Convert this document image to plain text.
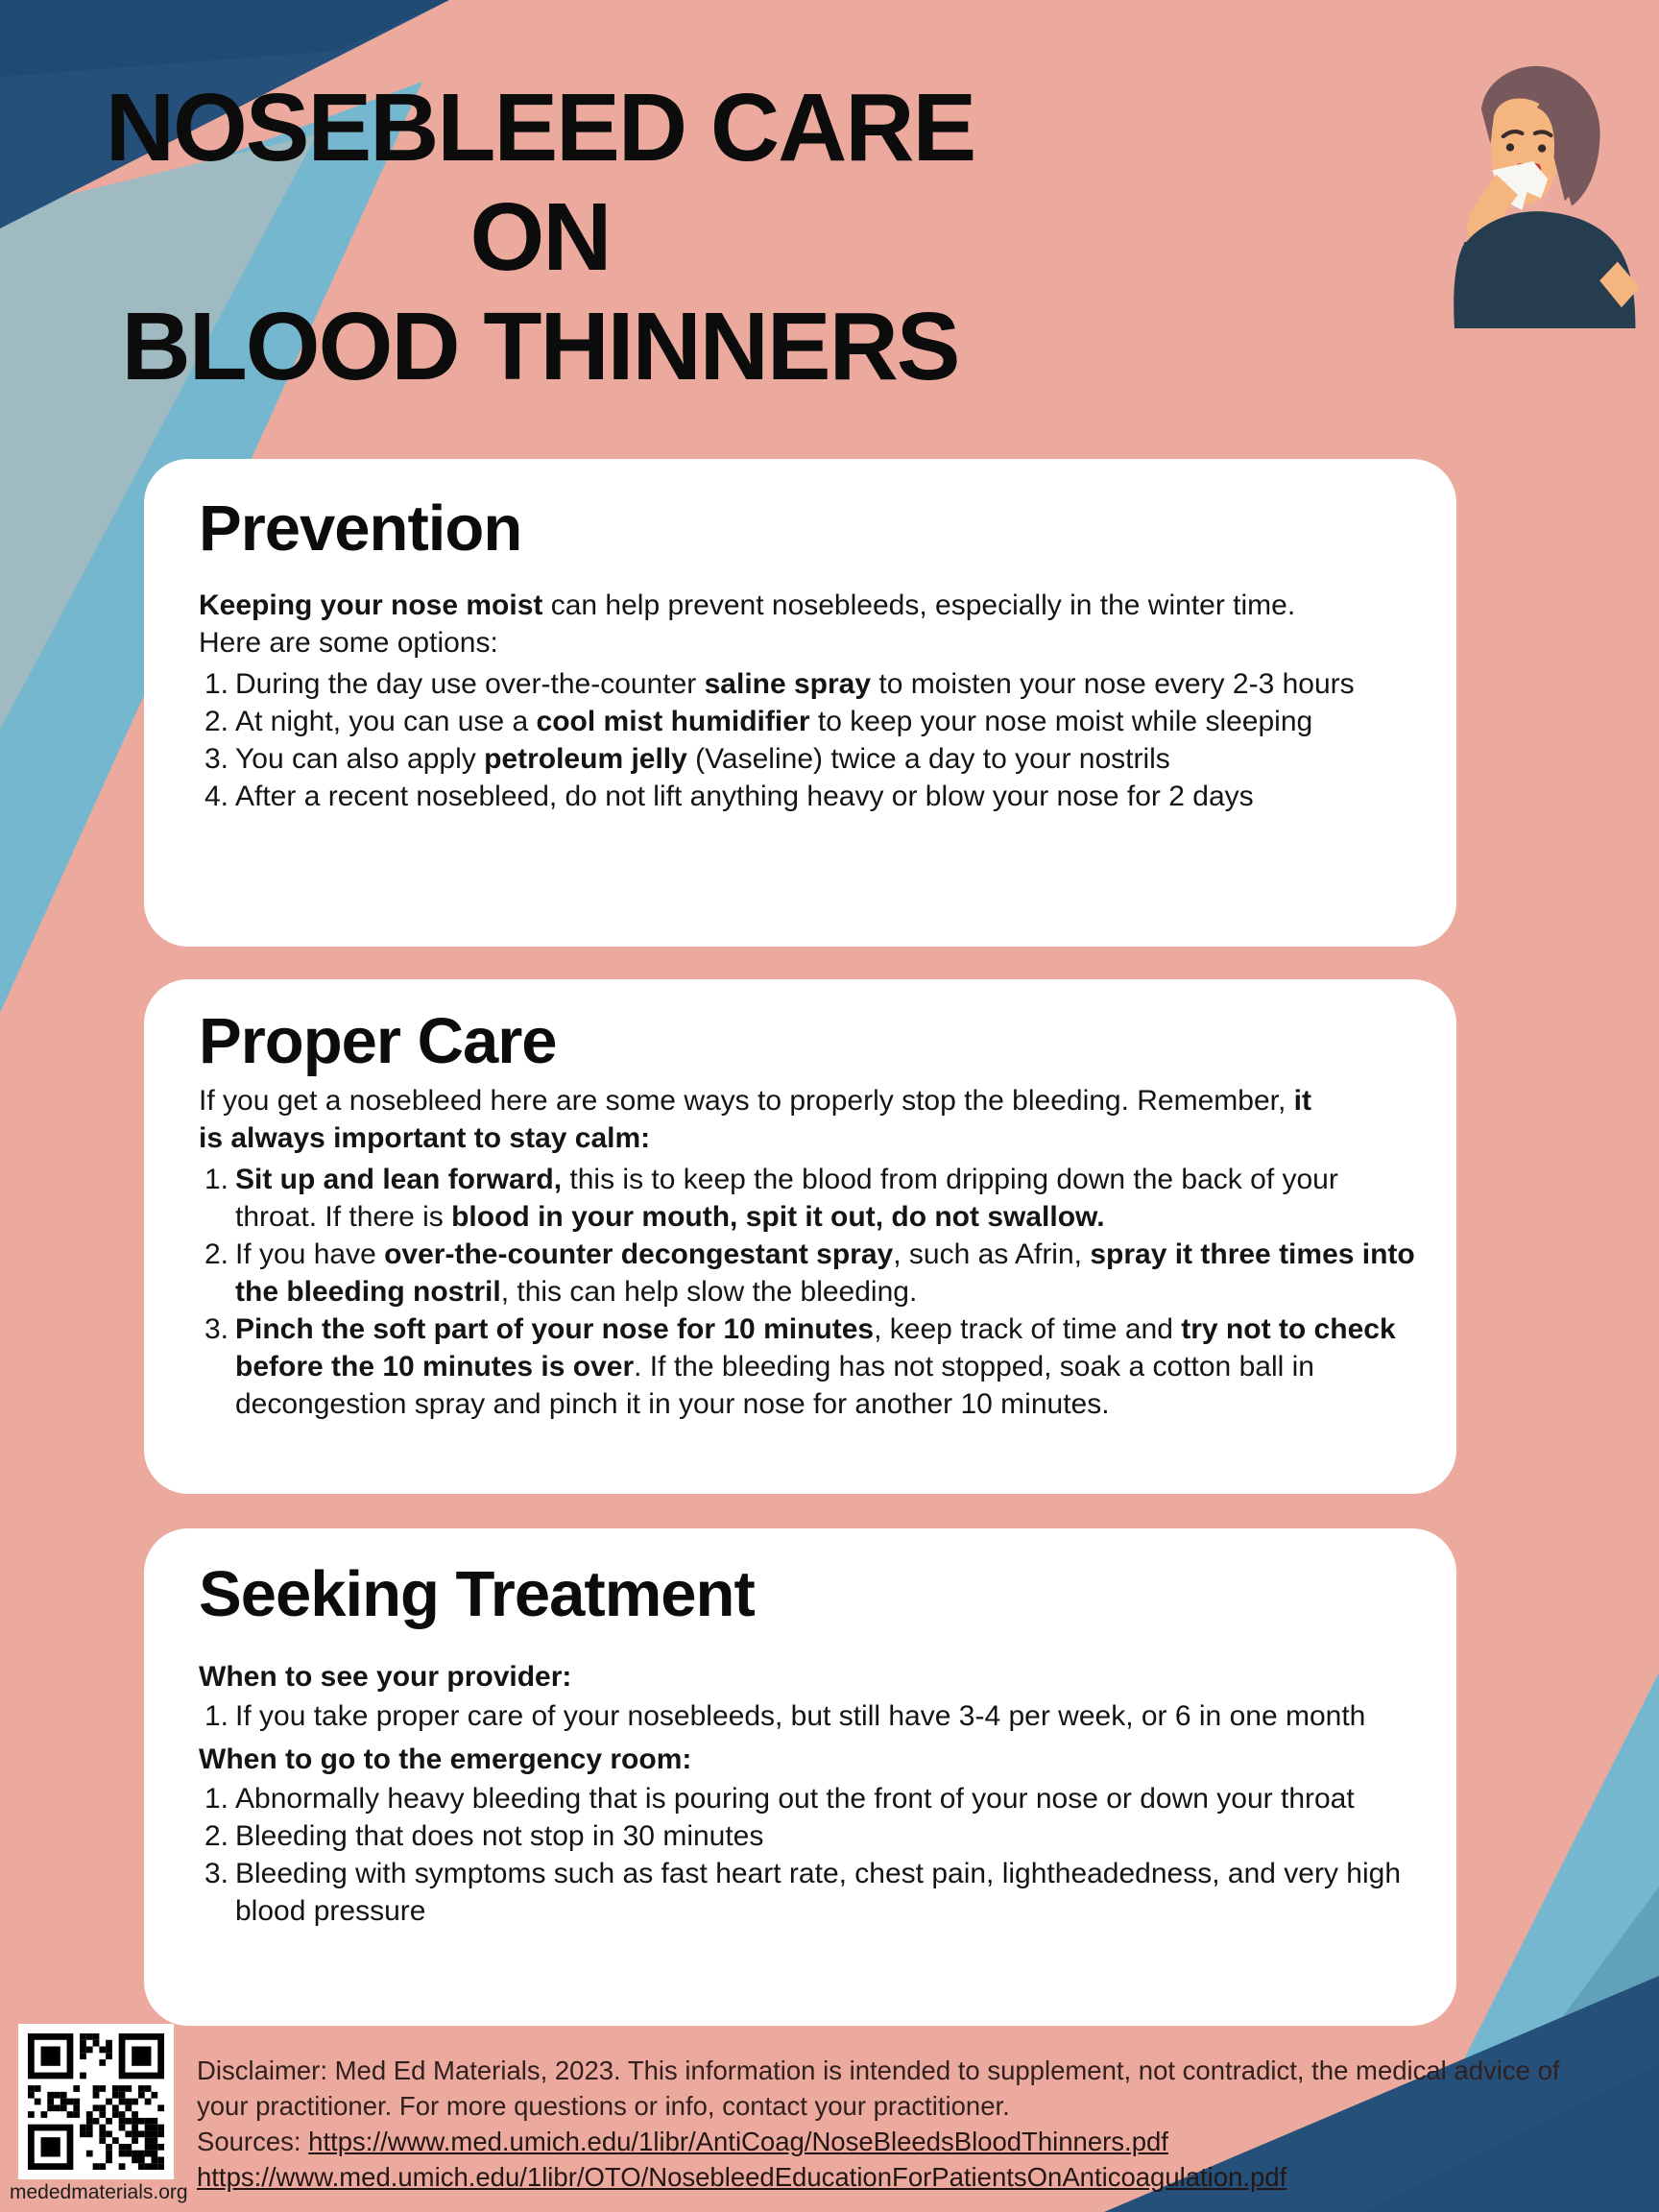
NOSEBLEED CARE ON
BLOOD THINNERS
Prevention

Keeping your nose moist can help prevent nosebleeds, especially in the winter time. Here are some options:

1. During the day use over-the-counter saline spray to moisten your nose every 2-3 hours
2. At night, you can use a cool mist humidifier to keep your nose moist while sleeping
3. You can also apply petroleum jelly (Vaseline) twice a day to your nostrils
4. After a recent nosebleed, do not lift anything heavy or blow your nose for 2 days
Proper Care

If you get a nosebleed here are some ways to properly stop the bleeding. Remember, it is always important to stay calm:

1. Sit up and lean forward, this is to keep the blood from dripping down the back of your throat. If there is blood in your mouth, spit it out, do not swallow.
2. If you have over-the-counter decongestant spray, such as Afrin, spray it three times into the bleeding nostril, this can help slow the bleeding.
3. Pinch the soft part of your nose for 10 minutes, keep track of time and try not to check before the 10 minutes is over. If the bleeding has not stopped, soak a cotton ball in decongestion spray and pinch it in your nose for another 10 minutes.
Seeking Treatment

When to see your provider:

1. If you take proper care of your nosebleeds, but still have 3-4 per week, or 6 in one month

When to go to the emergency room:

1. Abnormally heavy bleeding that is pouring out the front of your nose or down your throat
2. Bleeding that does not stop in 30 minutes
3. Bleeding with symptoms such as fast heart rate, chest pain, lightheadedness, and very high blood pressure
mededmaterials.org

Disclaimer: Med Ed Materials, 2023. This information is intended to supplement, not contradict, the medical advice of your practitioner. For more questions or info, contact your practitioner.

Sources: https://www.med.umich.edu/1libr/AntiCoag/NoseBleedsBloodThinners.pdf

https://www.med.umich.edu/1libr/OTO/NosebleedEducationForPatientsOnAnticoagulation.pdf
